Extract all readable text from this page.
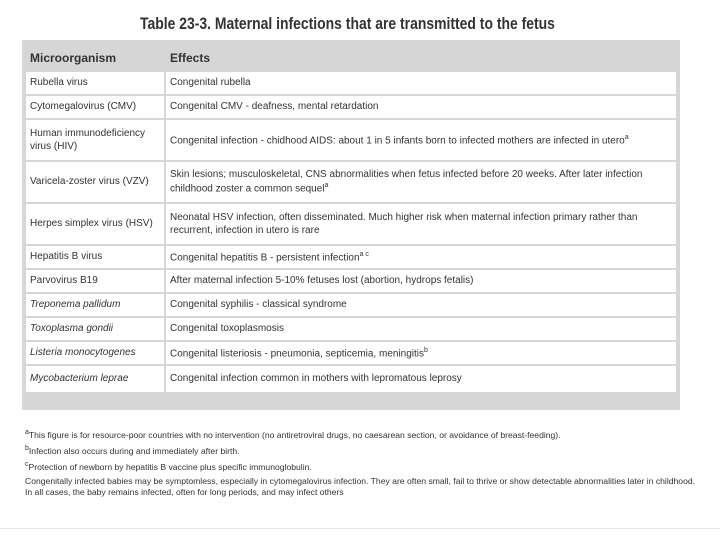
Table 23-3. Maternal infections that are transmitted to the fetus
Microorganism	Effects
Rubella virus	Congenital rubella
Cytomegalovirus (CMV)	Congenital CMV - deafness, mental retardation
Human immunodeficiency virus (HIV)	Congenital infection - chidhood AIDS: about 1 in 5 infants born to infected mothers are infected in utero$^a$
Varicela-zoster virus (VZV)	Skin lesions; musculoskeletal, CNS abnormalities when fetus infected before 20 weeks. After later infection childhood zoster a common sequel$^a$
Herpes simplex virus (HSV)	Neonatal HSV infection, often disseminated. Much higher risk when maternal infection primary rather than recurrent, infection in utero is rare
Hepatitis B virus	Congenital hepatitis B - persistent infection$^{a c}$
Parvovirus B19	After maternal infection 5-10% fetuses lost (abortion, hydrops fetalis)
Treponema pallidum	Congenital syphilis - classical syndrome
Toxoplasma gondii	Congenital toxoplasmosis
Listeria monocytogenes	Congenital listeriosis - pneumonia, septicemia, meningitis$^b$
Mycobacterium leprae	Congenital infection common in mothers with lepromatous leprosy

$^a$This figure is for resource-poor countries with no intervention (no antiretroviral drugs, no caesarean section, or avoidance of breast-feeding).

$^b$Infection also occurs during and immediately after birth.

$^c$Protection of newborn by hepatitis B vaccine plus specific immunoglobulin.

Congenitally infected babies may be symptomless, especially in cytomegalovirus infection. They are often small, fail to thrive or show detectable abnormalities later in childhood. In all cases, the baby remains infected, often for long periods, and may infect others
